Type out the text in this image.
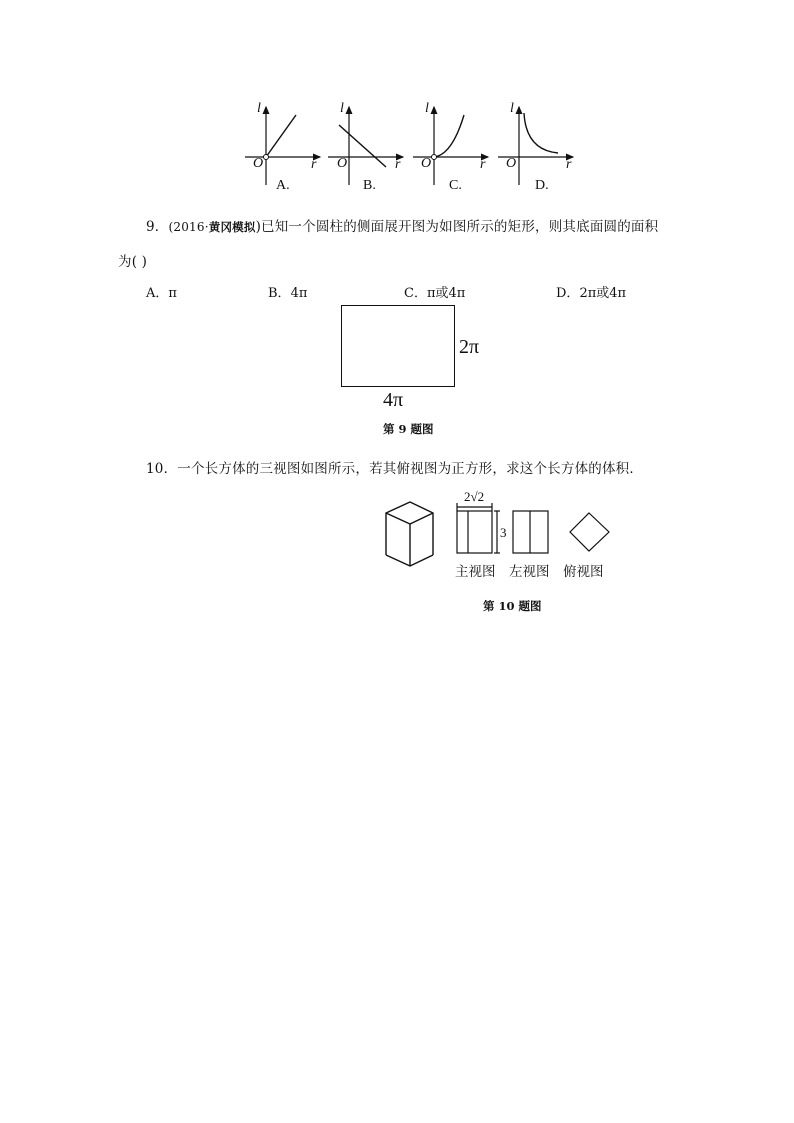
l
r
O
A.
l
r
O
B.
l
r
O
C.
l
r
O
D.
9．(2016·黄冈模拟)已知一个圆柱的侧面展开图为如图所示的矩形，则其底面圆的面积
为( )
A．π	B．4π	C．π或4π	D．2π或4π
2π
4π
第 9 题图
10．一个长方体的三视图如图所示，若其俯视图为正方形，求这个长方体的体积．
2√2
3
主视图 左视图 俯视图
第 10 题图
